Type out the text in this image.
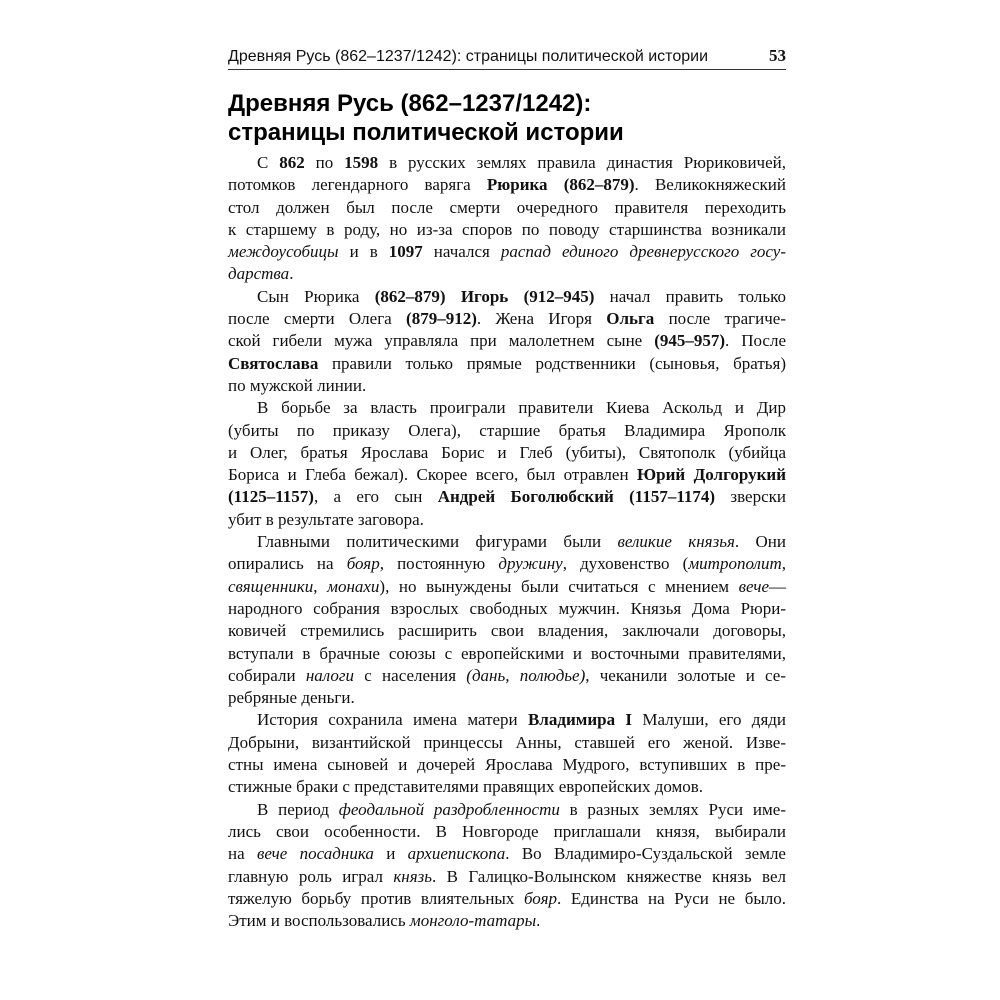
Древняя Русь (862–1237/1242): страницы политической истории	53
Древняя Русь (862–1237/1242):
страницы политической истории

С 862 по 1598 в русских землях правила династия Рюриковичей,
потомков легендарного варяга Рюрика (862–879). Великокняжеский
стол должен был после смерти очередного правителя переходить
к старшему в роду, но из-за споров по поводу старшинства возникали
междоусобицы и в 1097 начался распад единого древнерусского госу-
дарства.

Сын Рюрика (862–879) Игорь (912–945) начал править только
после смерти Олега (879–912). Жена Игоря Ольга после трагиче-
ской гибели мужа управляла при малолетнем сыне (945–957). После
Святослава правили только прямые родственники (сыновья, братья)
по мужской линии.

В борьбе за власть проиграли правители Киева Аскольд и Дир
(убиты по приказу Олега), старшие братья Владимира Ярополк
и Олег, братья Ярослава Борис и Глеб (убиты), Святополк (убийца
Бориса и Глеба бежал). Скорее всего, был отравлен Юрий Долгорукий
(1125–1157), а его сын Андрей Боголюбский (1157–1174) зверски
убит в результате заговора.

Главными политическими фигурами были великие князья. Они
опирались на бояр, постоянную дружину, духовенство (митрополит,
священники, монахи), но вынуждены были считаться с мнением вече—
народного собрания взрослых свободных мужчин. Князья Дома Рюри-
ковичей стремились расширить свои владения, заключали договоры,
вступали в брачные союзы с европейскими и восточными правителями,
собирали налоги с населения (дань, полюдье), чеканили золотые и се-
ребряные деньги.

История сохранила имена матери Владимира I Малуши, его дяди
Добрыни, византийской принцессы Анны, ставшей его женой. Изве-
стны имена сыновей и дочерей Ярослава Мудрого, вступивших в пре-
стижные браки с представителями правящих европейских домов.

В период феодальной раздробленности в разных землях Руси име-
лись свои особенности. В Новгороде приглашали князя, выбирали
на вече посадника и архиепископа. Во Владимиро-Суздальской земле
главную роль играл князь. В Галицко-Волынском княжестве князь вел
тяжелую борьбу против влиятельных бояр. Единства на Руси не было.
Этим и воспользовались монголо-татары.
